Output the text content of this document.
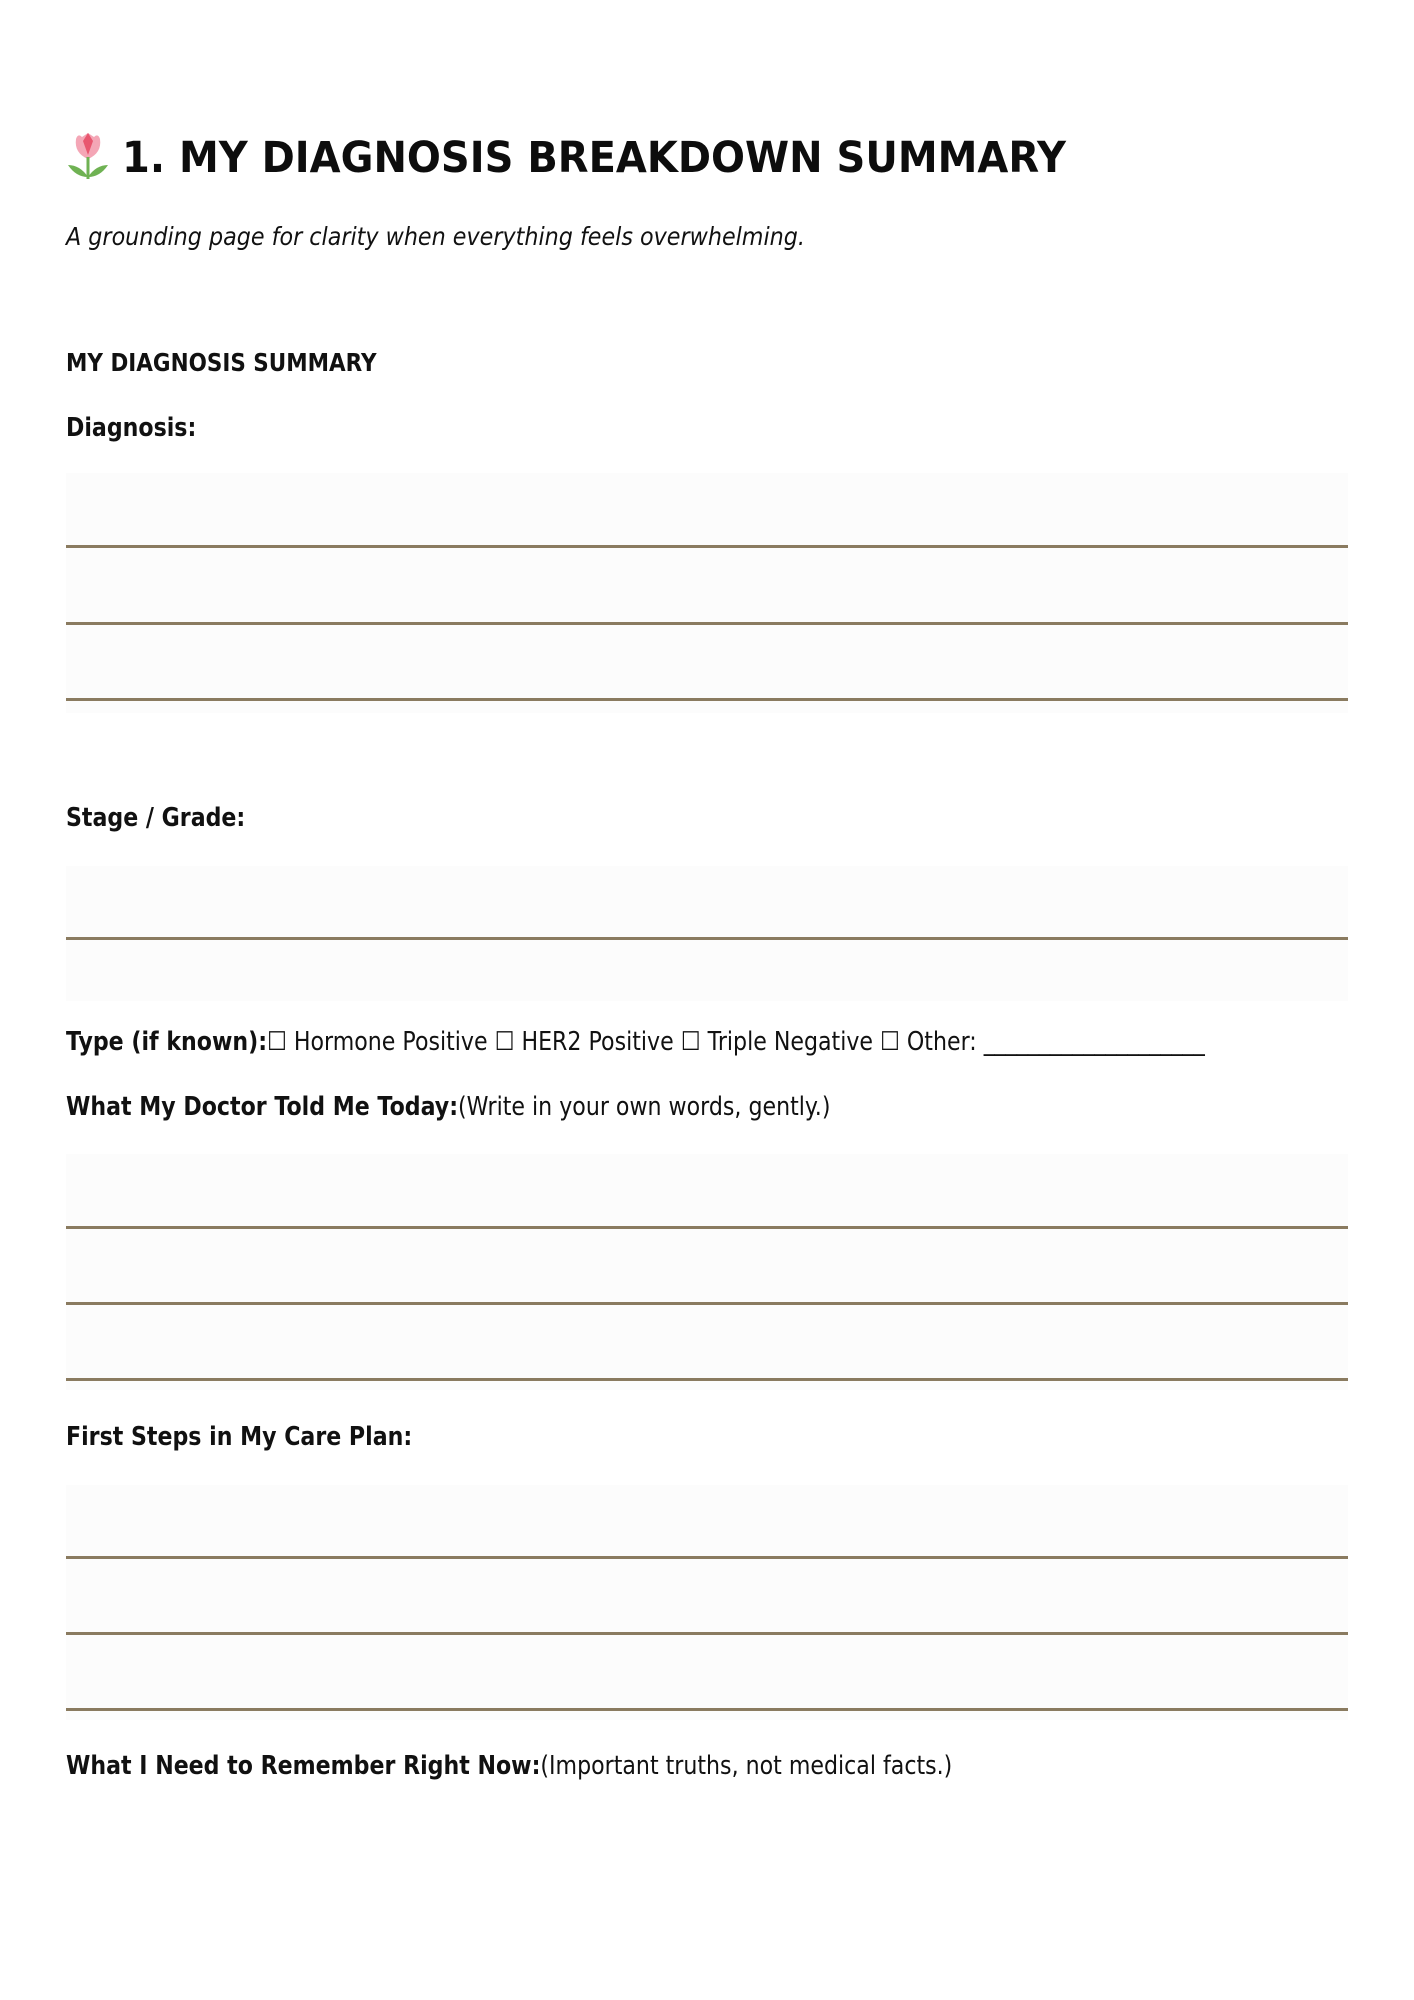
1. MY DIAGNOSIS BREAKDOWN SUMMARY
A grounding page for clarity when everything feels overwhelming.
MY DIAGNOSIS SUMMARY
Diagnosis:
Stage / Grade:
Type (if known):☐ Hormone Positive ☐ HER2 Positive ☐ Triple Negative ☐ Other: ____________________
What My Doctor Told Me Today:(Write in your own words, gently.)
First Steps in My Care Plan:
What I Need to Remember Right Now:(Important truths, not medical facts.)
